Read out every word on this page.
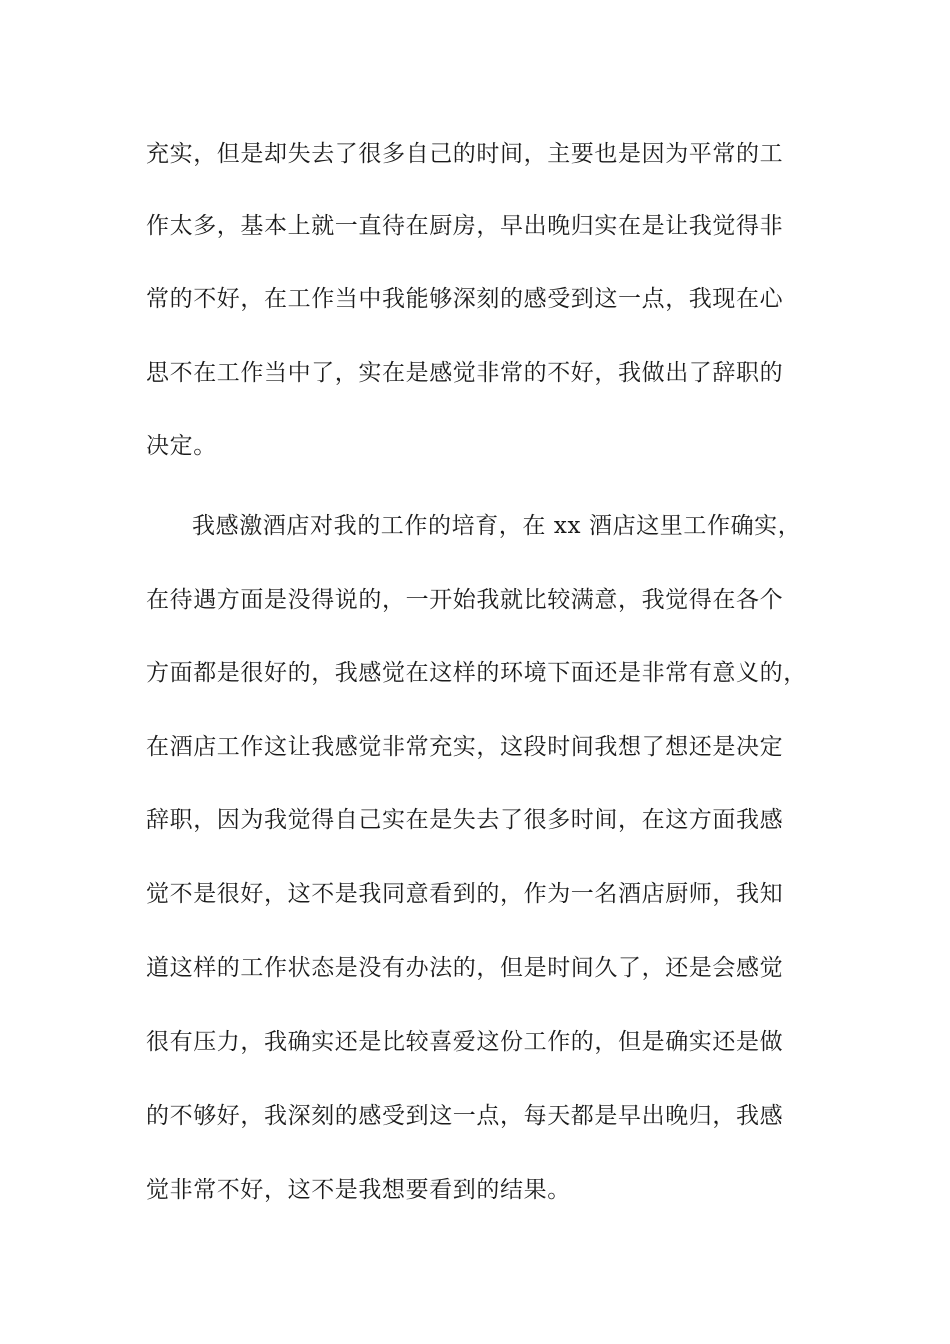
充实，但是却失去了很多自己的时间，主要也是因为平常的工
作太多，基本上就一直待在厨房，早出晚归实在是让我觉得非
常的不好，在工作当中我能够深刻的感受到这一点，我现在心
思不在工作当中了，实在是感觉非常的不好，我做出了辞职的
决定。
我感激酒店对我的工作的培育，在 xx 酒店这里工作确实，
在待遇方面是没得说的，一开始我就比较满意，我觉得在各个
方面都是很好的，我感觉在这样的环境下面还是非常有意义的，
在酒店工作这让我感觉非常充实，这段时间我想了想还是决定
辞职，因为我觉得自己实在是失去了很多时间，在这方面我感
觉不是很好，这不是我同意看到的，作为一名酒店厨师，我知
道这样的工作状态是没有办法的，但是时间久了，还是会感觉
很有压力，我确实还是比较喜爱这份工作的，但是确实还是做
的不够好，我深刻的感受到这一点，每天都是早出晚归，我感
觉非常不好，这不是我想要看到的结果。
